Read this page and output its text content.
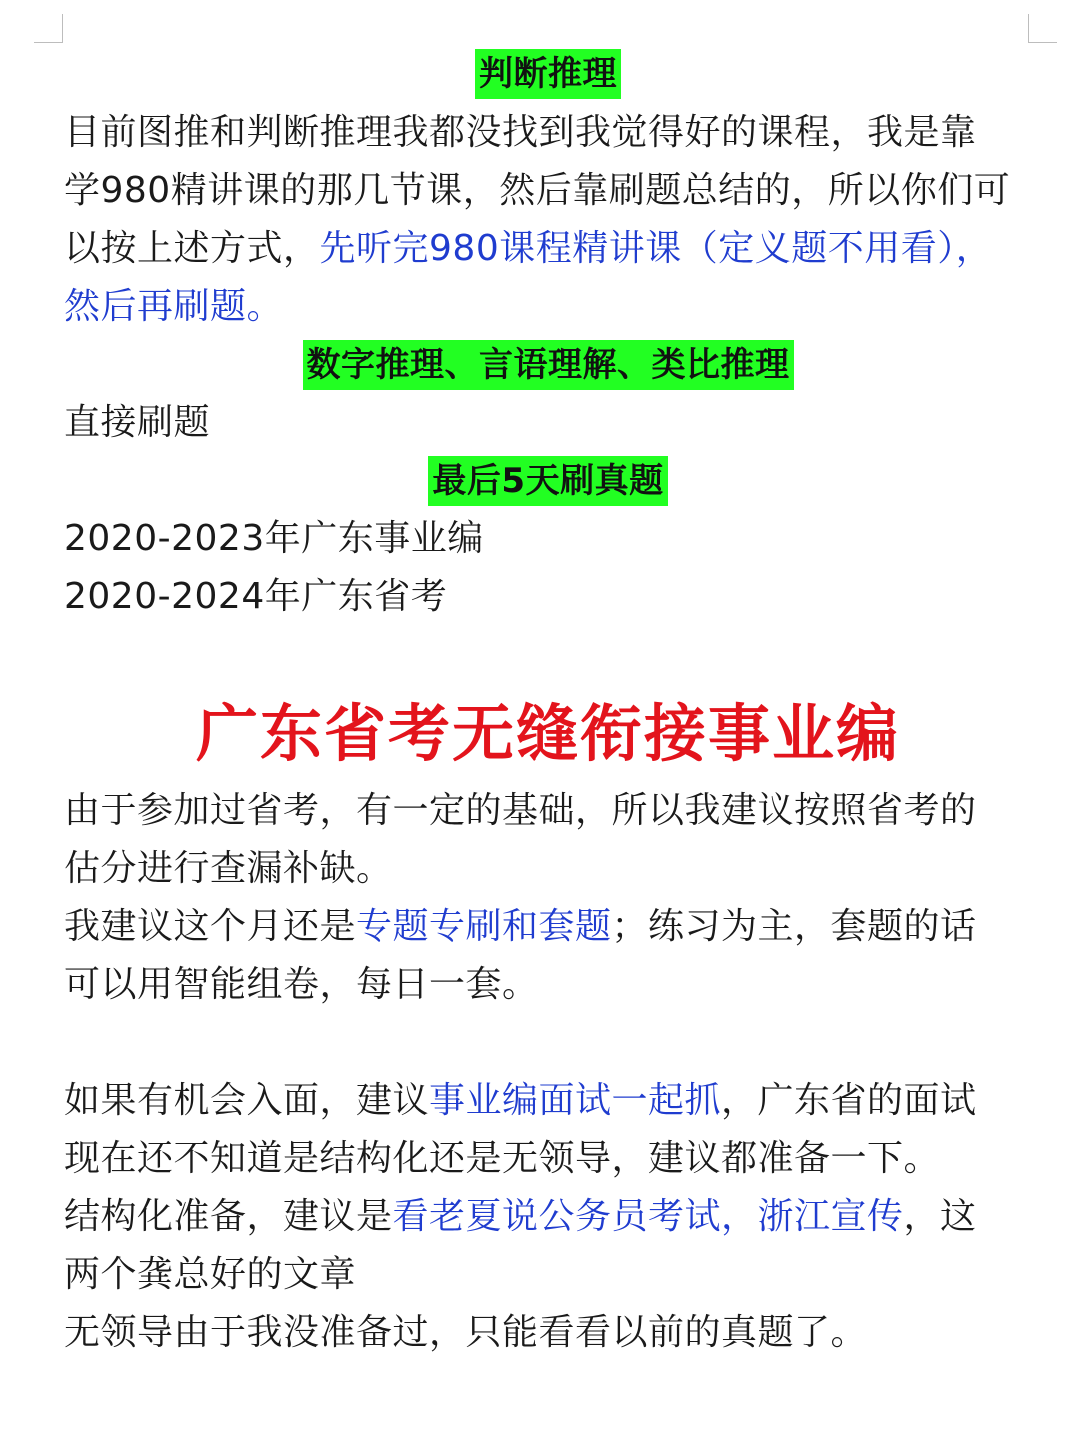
判断推理
目前图推和判断推理我都没找到我觉得好的课程，我是靠
学980精讲课的那几节课，然后靠刷题总结的，所以你们可
以按上述方式，先听完980课程精讲课（定义题不用看），
然后再刷题。
数字推理、言语理解、类比推理
直接刷题
最后5天刷真题
2020-2023年广东事业编
2020-2024年广东省考
广东省考无缝衔接事业编
由于参加过省考，有一定的基础，所以我建议按照省考的
估分进行查漏补缺。
我建议这个月还是专题专刷和套题；练习为主，套题的话
可以用智能组卷，每日一套。
如果有机会入面，建议事业编面试一起抓，广东省的面试
现在还不知道是结构化还是无领导，建议都准备一下。
结构化准备，建议是看老夏说公务员考试，浙江宣传，这
两个龚总好的文章
无领导由于我没准备过，只能看看以前的真题了。
